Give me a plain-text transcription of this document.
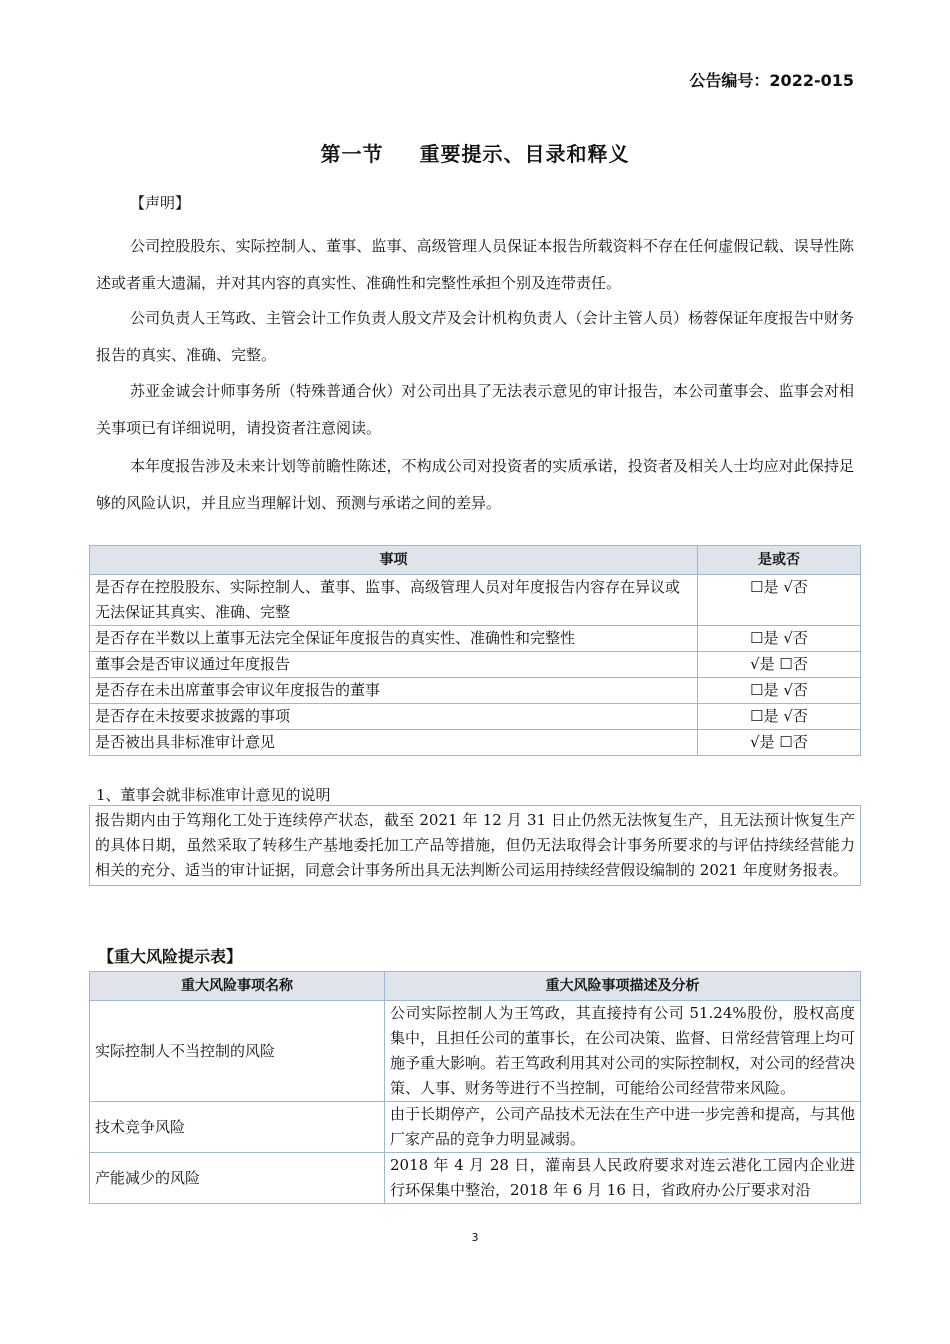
公告编号：2022-015
第一节 重要提示、目录和释义
【声明】
公司控股股东、实际控制人、董事、监事、高级管理人员保证本报告所载资料不存在任何虚假记载、误导性陈述或者重大遗漏，并对其内容的真实性、准确性和完整性承担个别及连带责任。
公司负责人王笃政、主管会计工作负责人殷文芹及会计机构负责人（会计主管人员）杨蓉保证年度报告中财务报告的真实、准确、完整。
苏亚金诚会计师事务所（特殊普通合伙）对公司出具了无法表示意见的审计报告，本公司董事会、监事会对相关事项已有详细说明，请投资者注意阅读。
本年度报告涉及未来计划等前瞻性陈述，不构成公司对投资者的实质承诺，投资者及相关人士均应对此保持足够的风险认识，并且应当理解计划、预测与承诺之间的差异。
事项	是或否
是否存在控股股东、实际控制人、董事、监事、高级管理人员对年度报告内容存在异议或无法保证其真实、准确、完整	☐是 √否
是否存在半数以上董事无法完全保证年度报告的真实性、准确性和完整性	☐是 √否
董事会是否审议通过年度报告	√是 ☐否
是否存在未出席董事会审议年度报告的董事	☐是 √否
是否存在未按要求披露的事项	☐是 √否
是否被出具非标准审计意见	√是 ☐否
1、董事会就非标准审计意见的说明
报告期内由于笃翔化工处于连续停产状态，截至 2021 年 12 月 31 日止仍然无法恢复生产，且无法预计恢复生产的具体日期，虽然采取了转移生产基地委托加工产品等措施，但仍无法取得会计事务所要求的与评估持续经营能力相关的充分、适当的审计证据，同意会计事务所出具无法判断公司运用持续经营假设编制的 2021 年度财务报表。
【重大风险提示表】
重大风险事项名称	重大风险事项描述及分析
实际控制人不当控制的风险	公司实际控制人为王笃政，其直接持有公司 51.24%股份，股权高度集中，且担任公司的董事长，在公司决策、监督、日常经营管理上均可施予重大影响。若王笃政利用其对公司的实际控制权，对公司的经营决策、人事、财务等进行不当控制，可能给公司经营带来风险。
技术竞争风险	由于长期停产，公司产品技术无法在生产中进一步完善和提高，与其他厂家产品的竞争力明显减弱。
产能减少的风险	2018 年 4 月 28 日，灌南县人民政府要求对连云港化工园内企业进行环保集中整治，2018 年 6 月 16 日，省政府办公厅要求对沿
3
